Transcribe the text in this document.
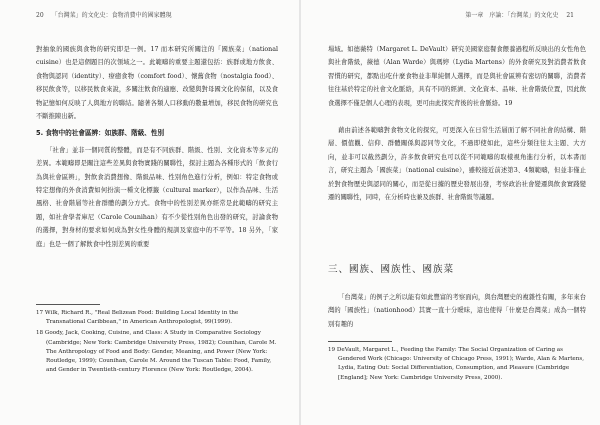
20 「台灣菜」的文化史：食物消費中的國家體現

對抽象的國族與食物的研究即是一例。17 而本研究所關注的「國族菜」（national cuisine）也是這個題目的次領域之一。此範疇的重要主題還包括：族群或地方飲食、食物與認同（identity）、療癒食物（comfort food）、懷舊食物（nostalgia food）、移民飲食等，以移民飲食來說，多關注飲食的適應、改變與對母國文化的保留，以及食物記憶如何反映了人與地方的聯結。隨著各類人口移動的數量增加，移民食物的研究也不斷推陳出新。

5. 食物中的社會區辨：如族群、階級、性別

「社會」並非一個同質的整體，而是有不同族群、階級、性別、文化資本等多元的差異。本範疇即是關注這些差異與食物實踐的關聯性，探討主題為各種形式的「飲食行為與社會區辨」，對飲食消費想像、階級品味、性別角色進行分析，例如：特定食物或特定想像的外食消費如何扮演一種文化標籤（cultural marker），以作為品味、生活風格、社會階層等社會群體的劃分方式。食物中的性別差異亦經常是此範疇的研究主題，如社會學者庫尼（Carole Counihan）有不少從性別角色出發的研究，討論食物的選擇，對身材的要求如何成為對女性身體的規訓及家庭中的不平等。18 另外，「家庭」也是一個了解飲食中性別差異的重要

17 Wilk, Richard R., "Real Belizean Food: Building Local Identity in the Transnational Caribbean," in American Anthropologist, 99(1999).
18 Goody, Jack, Cooking, Cuisine, and Class: A Study in Comparative Sociology (Cambridge; New York: Cambridge University Press, 1982); Counihan, Carole M. The Anthropology of Food and Body: Gender, Meaning, and Power (New York: Routledge, 1999); Counihan, Carole M. Around the Tuscan Table: Food, Family, and Gender in Twentieth-century Florence (New York: Routledge, 2004).
第一章　序論：「台灣菜」的文化史 21

場域。如德薇特（Margaret L. DeVault）研究美國家庭餐食餵養過程所反映出的女性角色與社會階級，薇德（Alan Warde）與瑪婷（Lydia Martens）的外食研究及對消費者飲食習慣的研究，都點出吃什麼食物並非單純個人選擇，而是與社會區辨有密切的關聯，消費者往往基於特定的社會文化脈絡，具有不同的經濟、文化資本、品味、社會階級位置，因此飲食選擇不僅是個人心理的表現，更可由此探究背後的社會脈絡。19

藉由前述各範疇對食物文化的探究，可更深入在日常生活層面了解不同社會的結構、階層、價值觀、信仰、群體關係與認同等文化，不過即使如此，這些分類往往太主題、大方向，並非可以截然劃分，許多飲食研究也可以從不同範疇的取樣視角進行分析，以本書而言，研究主題為「國族菜」（national cuisine），雖較接近前述第3、4類範疇，但並非僅止於對食物歷史與認同的關心，而是從日據的歷史發展出發，考察政治社會變遷與飲食實踐變遷的關聯性，同時，在分析時也兼及族群、社會階級等議題。

三、國族、國族性、國族菜

「台灣菜」的例子之所以能有如此豐富的考察面向，與台灣歷史的複雜性有關，多年來台灣的「國族性」（nationhood）其實一直十分曖昧，這也使得「什麼是台灣菜」成為一個特別有趣的

19 DeVault, Margaret L., Feeding the Family: The Social Organization of Caring as Gendered Work (Chicago: University of Chicago Press, 1991); Warde, Alan & Martens, Lydia, Eating Out: Social Differentiation, Consumption, and Pleasure (Cambridge [England]; New York: Cambridge University Press, 2000).
